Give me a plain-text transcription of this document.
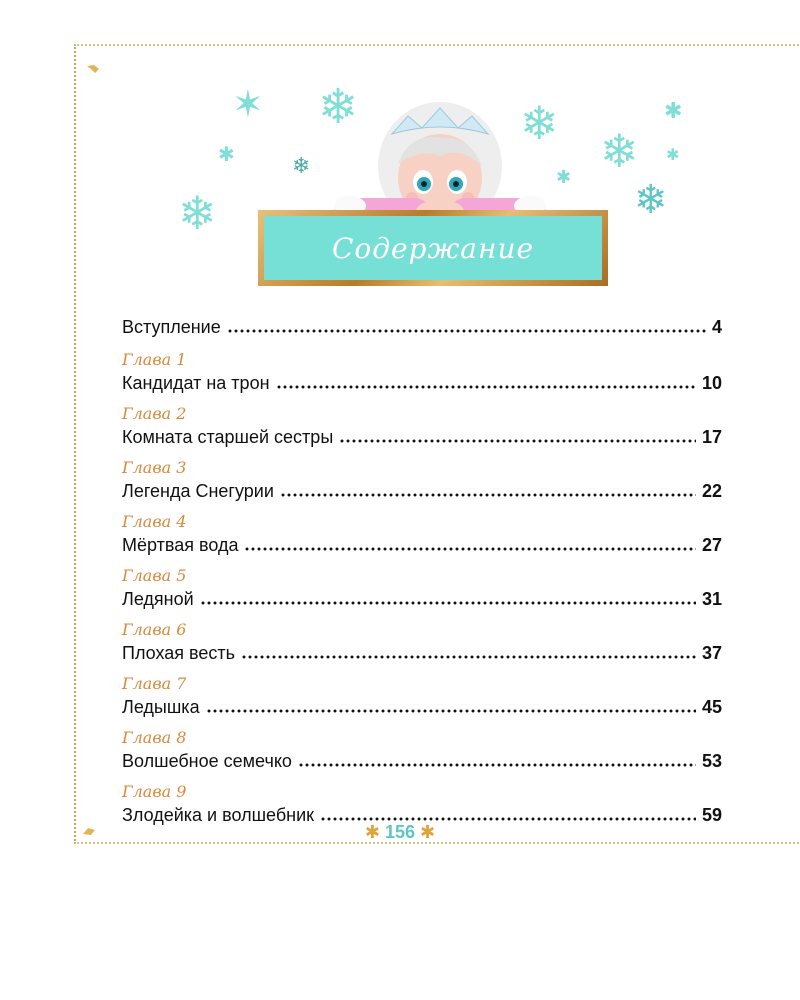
✶ ❄
✱
❄
❄
❄
❄
✱
✱
❄
✱
Содержание
Вступление	4
Глава 1
Кандидат на трон	10
Глава 2
Комната старшей сестры	17
Глава 3
Легенда Снегурии	22
Глава 4
Мёртвая вода	27
Глава 5
Ледяной	31
Глава 6
Плохая весть	37
Глава 7
Ледышка	45
Глава 8
Волшебное семечко	53
Глава 9
Злодейка и волшебник	59
✱ 156 ✱
